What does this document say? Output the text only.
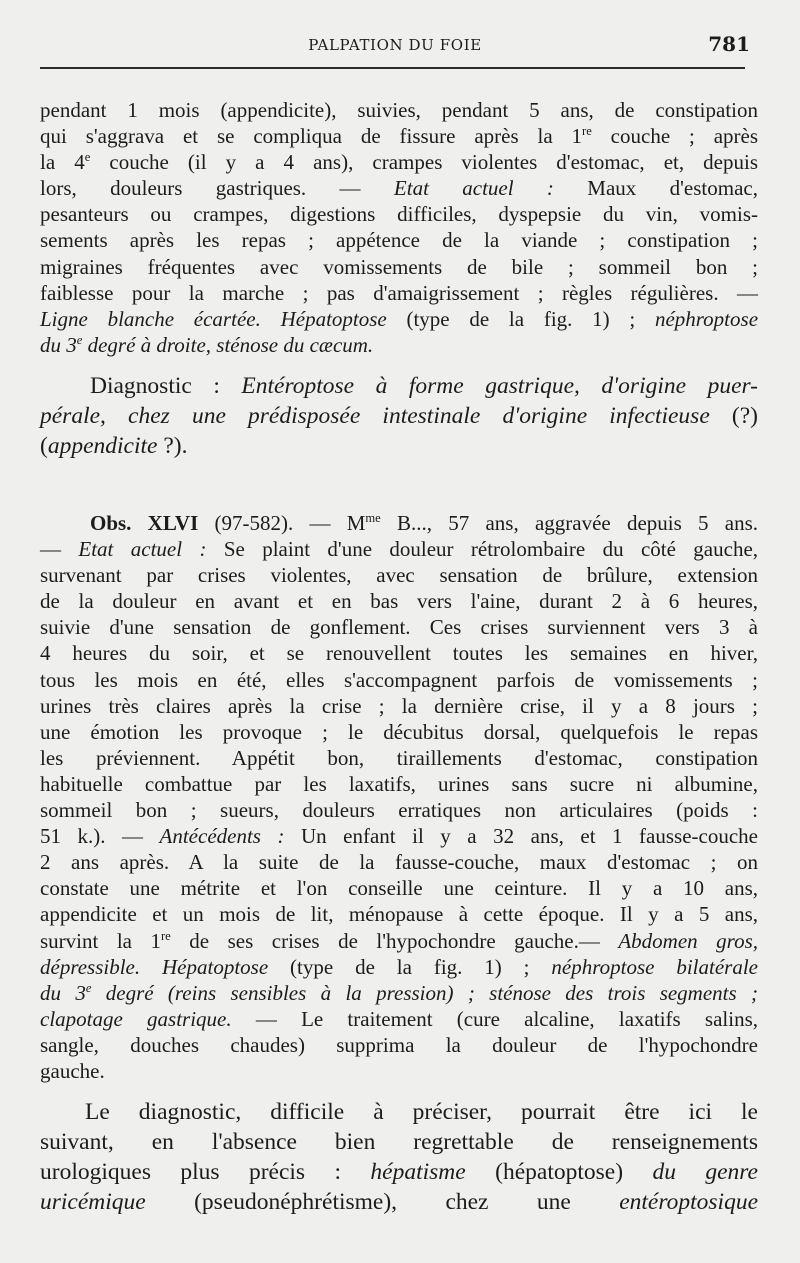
PALPATION DU FOIE	781
pendant 1 mois (appendicite), suivies, pendant 5 ans, de constipation
qui s'aggrava et se compliqua de fissure après la 1re couche ; après
la 4e couche (il y a 4 ans), crampes violentes d'estomac, et, depuis
lors, douleurs gastriques. — Etat actuel : Maux d'estomac,
pesanteurs ou crampes, digestions difficiles, dyspepsie du vin, vomis-
sements après les repas ; appétence de la viande ; constipation ;
migraines fréquentes avec vomissements de bile ; sommeil bon ;
faiblesse pour la marche ; pas d'amaigrissement ; règles régulières. —
Ligne blanche écartée. Hépatoptose (type de la fig. 1) ; néphroptose
du 3e degré à droite, sténose du cæcum.
Diagnostic : Entéroptose à forme gastrique, d'origine puer-
pérale, chez une prédisposée intestinale d'origine infectieuse (?)
(appendicite ?).
Obs. XLVI (97-582). — $M^{me}$ B..., 57 ans, aggravée depuis 5 ans.
— Etat actuel : Se plaint d'une douleur rétrolombaire du côté gauche,
survenant par crises violentes, avec sensation de brûlure, extension
de la douleur en avant et en bas vers l'aine, durant 2 à 6 heures,
suivie d'une sensation de gonflement. Ces crises surviennent vers 3 à
4 heures du soir, et se renouvellent toutes les semaines en hiver,
tous les mois en été, elles s'accompagnent parfois de vomissements ;
urines très claires après la crise ; la dernière crise, il y a 8 jours ;
une émotion les provoque ; le décubitus dorsal, quelquefois le repas
les préviennent. Appétit bon, tiraillements d'estomac, constipation
habituelle combattue par les laxatifs, urines sans sucre ni albumine,
sommeil bon ; sueurs, douleurs erratiques non articulaires (poids :
51 k.). — Antécédents : Un enfant il y a 32 ans, et 1 fausse-couche
2 ans après. A la suite de la fausse-couche, maux d'estomac ; on
constate une métrite et l'on conseille une ceinture. Il y a 10 ans,
appendicite et un mois de lit, ménopause à cette époque. Il y a 5 ans,
survint la 1re de ses crises de l'hypochondre gauche.— Abdomen gros,
dépressible. Hépatoptose (type de la fig. 1) ; néphroptose bilatérale
du 3e degré (reins sensibles à la pression) ; sténose des trois segments ;
clapotage gastrique. — Le traitement (cure alcaline, laxatifs salins,
sangle, douches chaudes) supprima la douleur de l'hypochondre
gauche.
Le diagnostic, difficile à préciser, pourrait être ici le
suivant, en l'absence bien regrettable de renseignements
urologiques plus précis : hépatisme (hépatoptose) du genre
uricémique (pseudonéphrétisme), chez une entéroptosique
